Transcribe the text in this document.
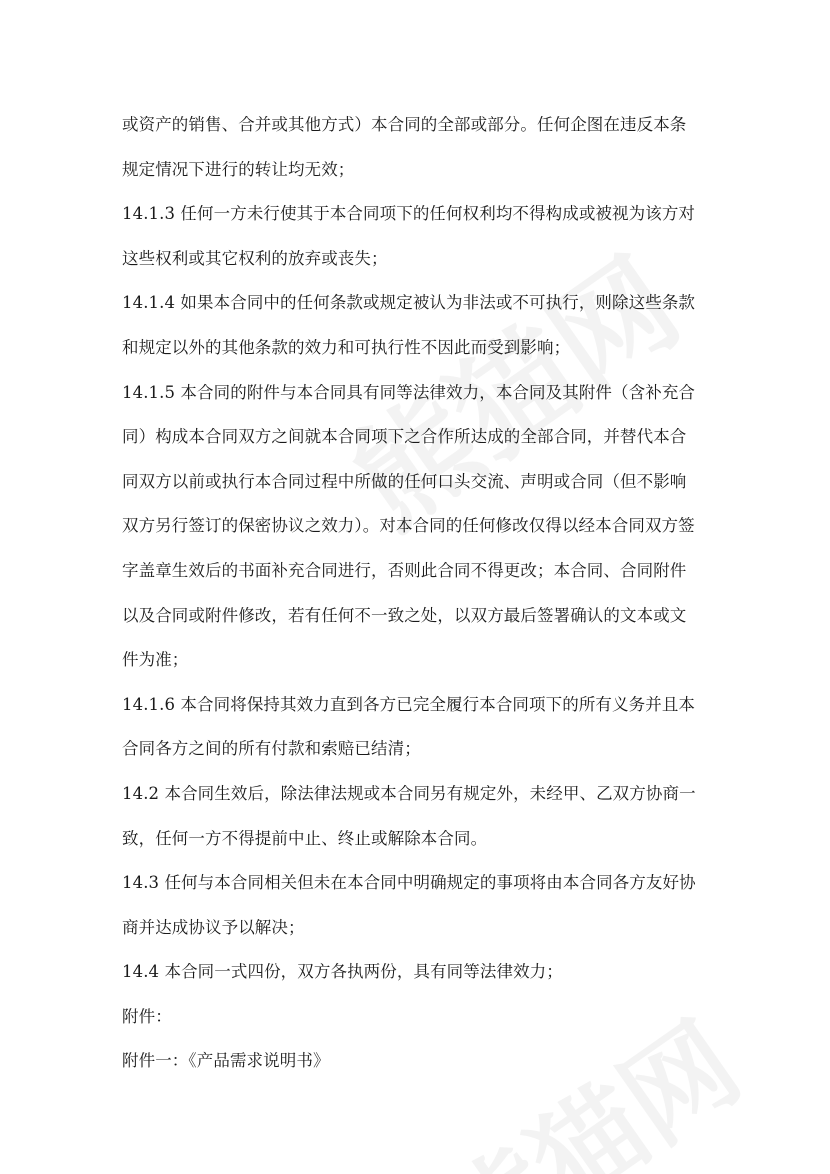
或资产的销售、合并或其他方式）本合同的全部或部分。任何企图在违反本条
规定情况下进行的转让均无效；

14.1.3 任何一方未行使其于本合同项下的任何权利均不得构成或被视为该方对
这些权利或其它权利的放弃或丧失；

14.1.4 如果本合同中的任何条款或规定被认为非法或不可执行，则除这些条款
和规定以外的其他条款的效力和可执行性不因此而受到影响；

14.1.5 本合同的附件与本合同具有同等法律效力，本合同及其附件（含补充合
同）构成本合同双方之间就本合同项下之合作所达成的全部合同，并替代本合
同双方以前或执行本合同过程中所做的任何口头交流、声明或合同（但不影响
双方另行签订的保密协议之效力）。对本合同的任何修改仅得以经本合同双方签
字盖章生效后的书面补充合同进行，否则此合同不得更改；本合同、合同附件
以及合同或附件修改，若有任何不一致之处，以双方最后签署确认的文本或文
件为准；

14.1.6 本合同将保持其效力直到各方已完全履行本合同项下的所有义务并且本
合同各方之间的所有付款和索赔已结清；

14.2 本合同生效后，除法律法规或本合同另有规定外，未经甲、乙双方协商一
致，任何一方不得提前中止、终止或解除本合同。

14.3 任何与本合同相关但未在本合同中明确规定的事项将由本合同各方友好协
商并达成协议予以解决；

14.4 本合同一式四份，双方各执两份，具有同等法律效力；

附件：

附件一：《产品需求说明书》
